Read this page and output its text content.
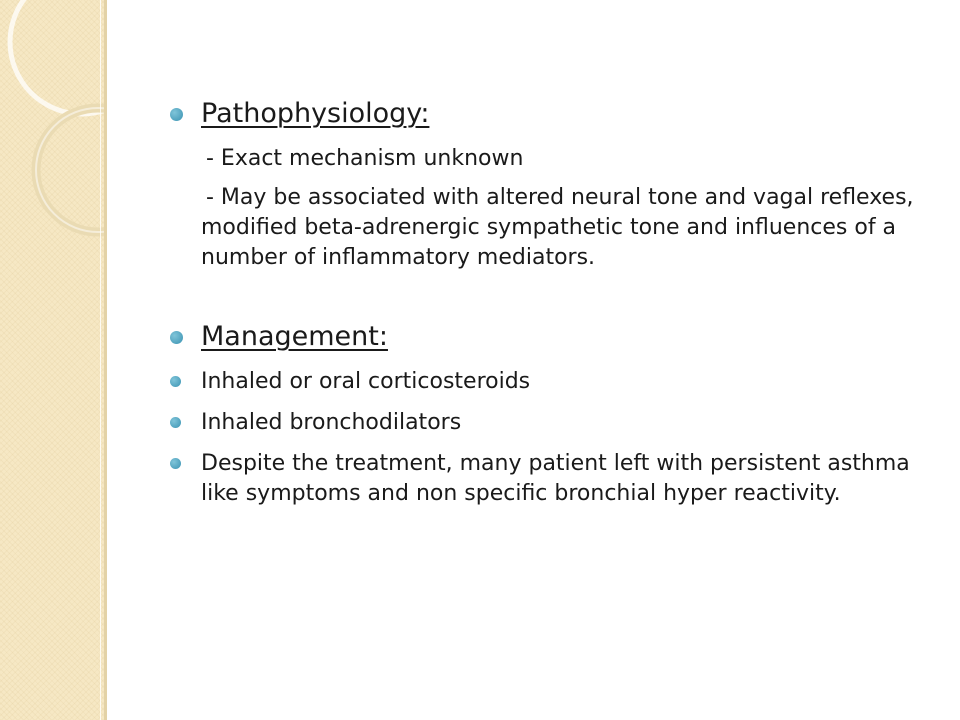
Pathophysiology:
- Exact mechanism unknown
- May be associated with altered neural tone and vagal reflexes, modified beta-adrenergic sympathetic tone and influences of a number of inflammatory mediators.
Management:
Inhaled or oral corticosteroids
Inhaled bronchodilators
Despite the treatment, many patient left with persistent asthma like symptoms and non specific bronchial hyper reactivity.
